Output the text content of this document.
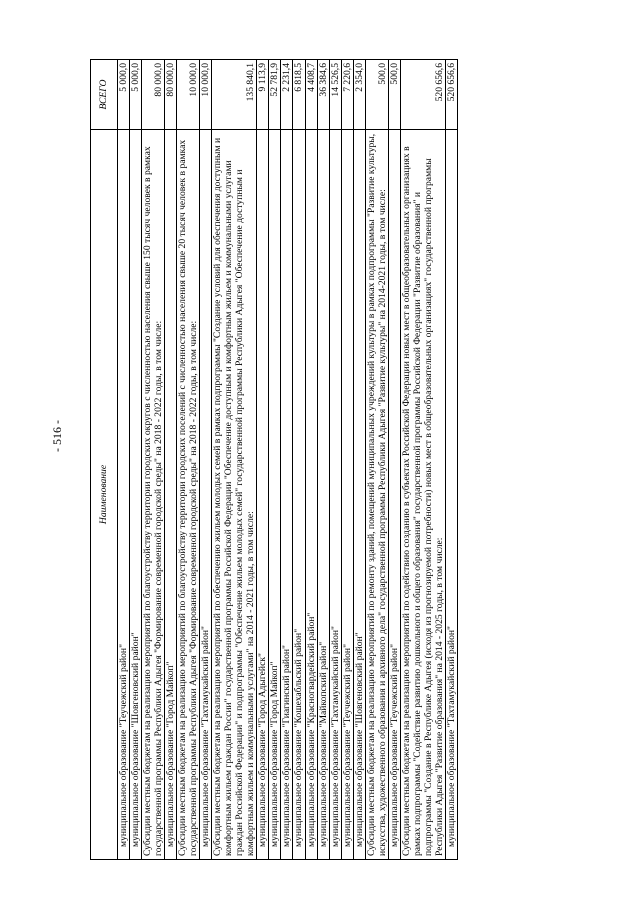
- 516 -
Наименование	ВСЕГО
муниципальное образование "Теучежский район"	5 000,0
муниципальное образование "Шовгеновский район"	5 000,0
Субсидии местным бюджетам на реализацию мероприятий по благоустройству территории городских округов с численностью населения свыше 150 тысяч человек в рамках государственной программы Республики Адыгея "Формирование современной городской среды" на 2018 - 2022 годы, в том числе:	80 000,0
муниципальное образование "Город Майкоп"	80 000,0
Субсидии местным бюджетам на реализацию мероприятий по благоустройству территории городских поселений с численностью населения свыше 20 тысяч человек в рамках государственной программы Республики Адыгея "Формирование современной городской среды" на 2018 - 2022 годы, в том числе:	10 000,0
муниципальное образование "Тахтамукайский район"	10 000,0
Субсидии местным бюджетам на реализацию мероприятий по обеспечению жильем молодых семей в рамках подпрограммы "Создание условий для обеспечения доступным и комфортным жильем граждан России" государственной программы Российской Федерации "Обеспечение доступным и комфортным жильем и коммунальными услугами граждан Российской Федерации" и подпрограммы "Обеспечение жильем молодых семей" государственной программы Республики Адыгея "Обеспечение доступным и комфортным жильем и коммунальными услугами" на 2014 - 2021 годы, в том числе:	135 840,1
муниципальное образование "Город Адыгейск"	9 113,9
муниципальное образование "Город Майкоп"	52 781,9
муниципальное образование "Гиагинский район"	2 231,4
муниципальное образование "Кошехабльский район"	6 818,5
муниципальное образование "Красногвардейский район"	4 408,7
муниципальное образование "Майкопский район"	36 384,6
муниципальное образование "Тахтамукайский район"	14 526,5
муниципальное образование "Теучежский район"	7 220,6
муниципальное образование "Шовгеновский район"	2 354,0
Субсидии местным бюджетам на реализацию мероприятий по ремонту зданий, помещений муниципальных учреждений культуры в рамках подпрограммы "Развитие культуры, искусства, художественного образования и архивного дела" государственной программы Республики Адыгея "Развитие культуры" на 2014-2021 годы, в том числе:	500,0
муниципальное образование "Теучежский район"	500,0
Субсидии местным бюджетам на реализацию мероприятий по содействию созданию в субъектах Российской Федерации новых мест в общеобразовательных организациях в рамках подпрограммы "Содействие развитию дошкольного и общего образования" государственной программы Российской Федерации "Развитие образования" и подпрограммы "Создание в Республике Адыгея (исходя из прогнозируемой потребности) новых мест в общеобразовательных организациях" государственной программы Республики Адыгея "Развитие образования" на 2014 - 2025 годы, в том числе:	520 656,6
муниципальное образование "Тахтамукайский район"	520 656,6
